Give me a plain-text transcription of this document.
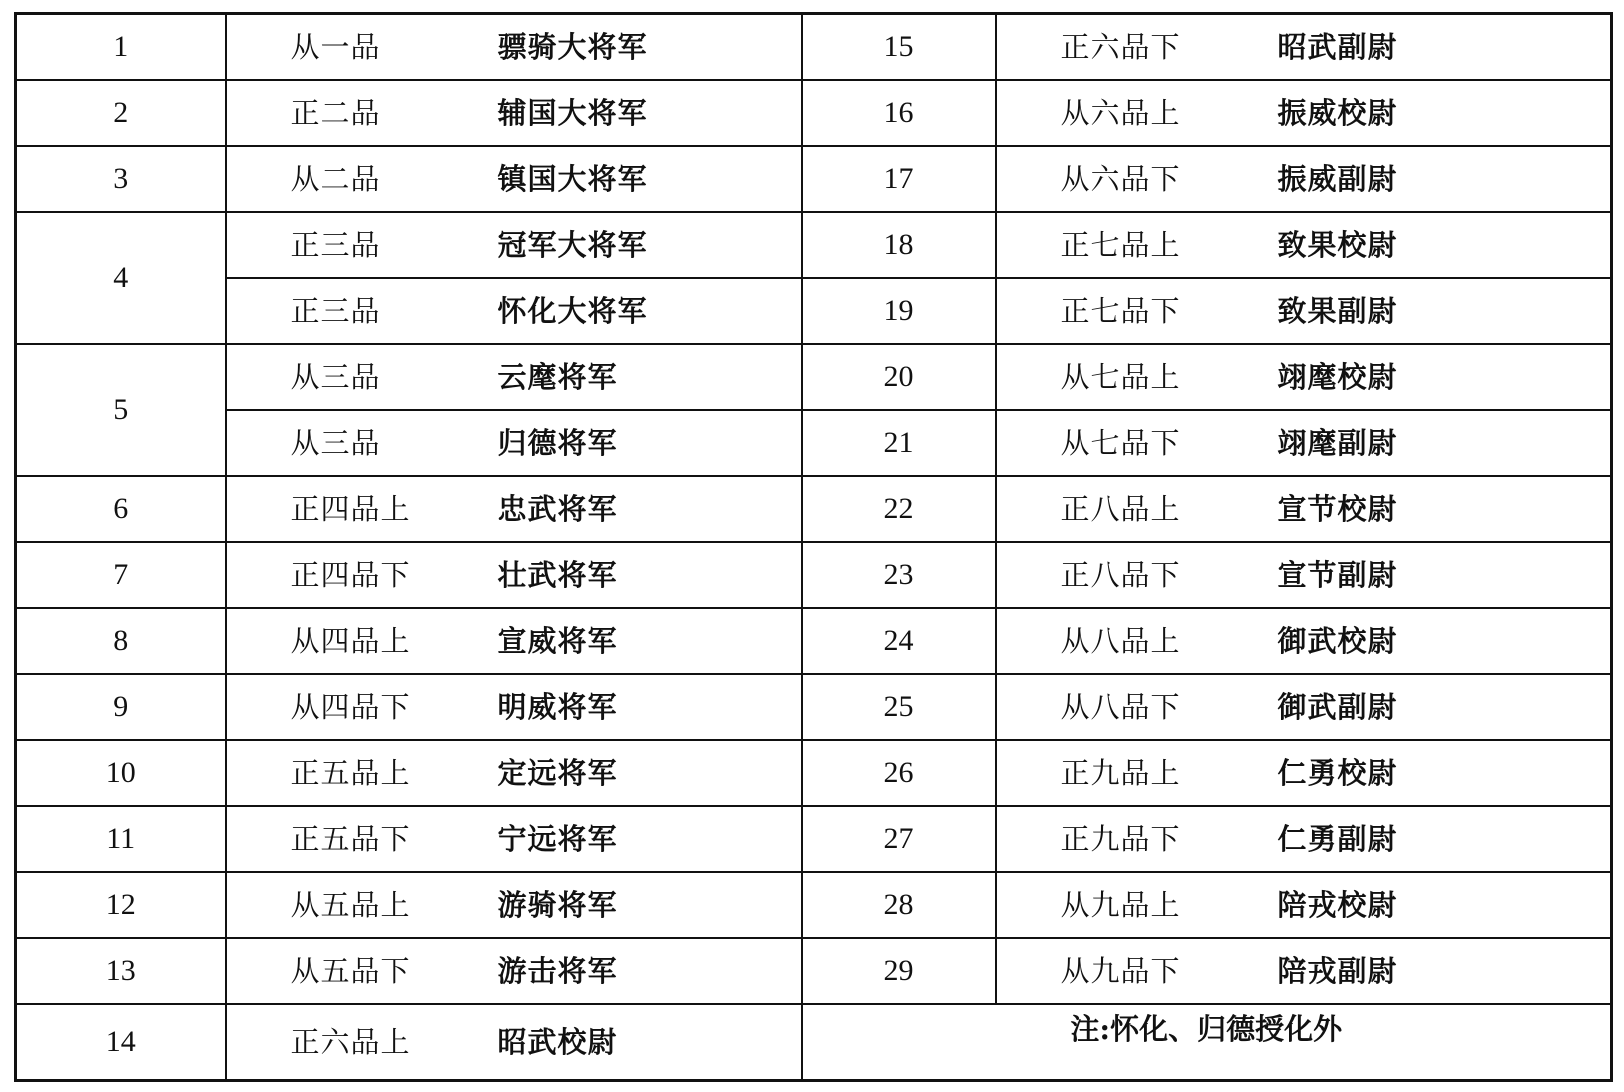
1	从一品	骠骑大将军	15	正六品下	昭武副尉
2	正二品	辅国大将军	16	从六品上	振威校尉
3	从二品	镇国大将军	17	从六品下	振威副尉
4	正三品	冠军大将军	18	正七品上	致果校尉
	正三品	怀化大将军	19	正七品下	致果副尉
5	从三品	云麾将军	20	从七品上	翊麾校尉
	从三品	归德将军	21	从七品下	翊麾副尉
6	正四品上	忠武将军	22	正八品上	宣节校尉
7	正四品下	壮武将军	23	正八品下	宣节副尉
8	从四品上	宣威将军	24	从八品上	御武校尉
9	从四品下	明威将军	25	从八品下	御武副尉
10	正五品上	定远将军	26	正九品上	仁勇校尉
11	正五品下	宁远将军	27	正九品下	仁勇副尉
12	从五品上	游骑将军	28	从九品上	陪戎校尉
13	从五品下	游击将军	29	从九品下	陪戎副尉
14	正六品上	昭武校尉	注:怀化、归德授化外		
